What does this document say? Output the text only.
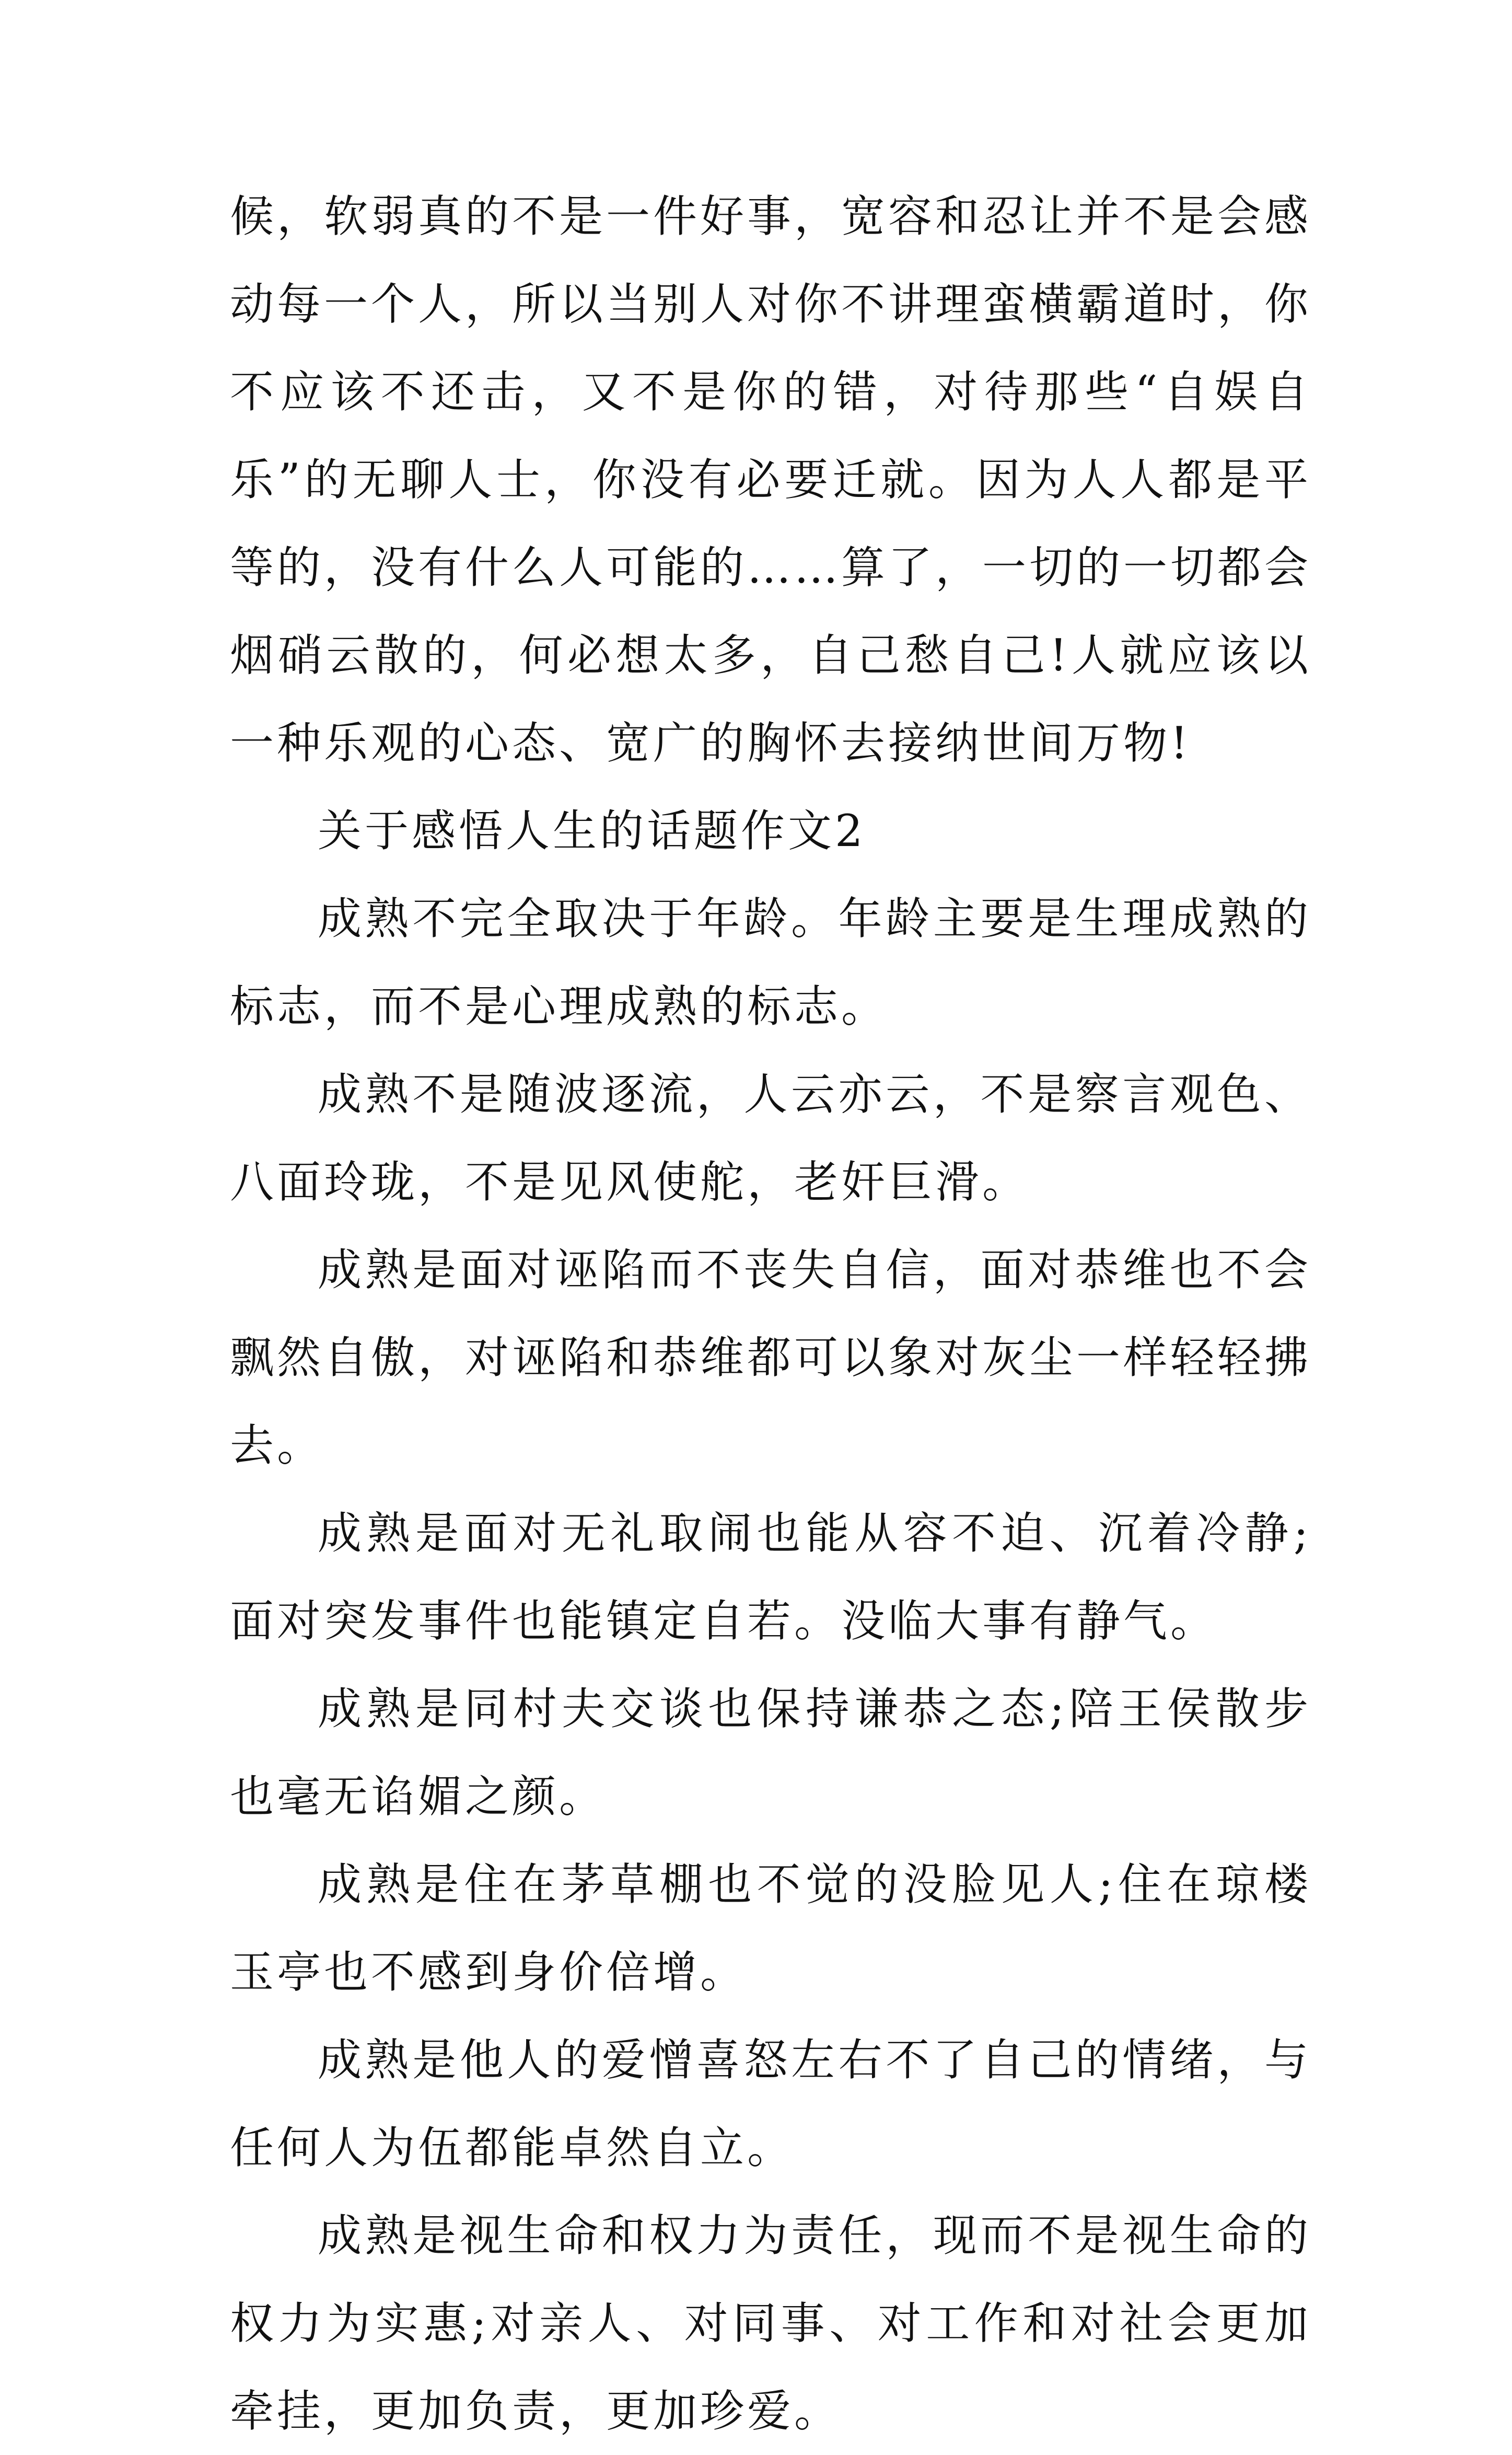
候，软弱真的不是一件好事，宽容和忍让并不是会感动每一个人，所以当别人对你不讲理蛮横霸道时，你不应该不还击，又不是你的错，对待那些“自娱自乐”的无聊人士，你没有必要迁就。因为人人都是平等的，没有什么人可能的……算了，一切的一切都会烟硝云散的，何必想太多，自己愁自己!人就应该以一种乐观的心态、宽广的胸怀去接纳世间万物!

关于感悟人生的话题作文2

成熟不完全取决于年龄。年龄主要是生理成熟的标志，而不是心理成熟的标志。

成熟不是随波逐流，人云亦云，不是察言观色、八面玲珑，不是见风使舵，老奸巨滑。

成熟是面对诬陷而不丧失自信，面对恭维也不会飘然自傲，对诬陷和恭维都可以象对灰尘一样轻轻拂去。

成熟是面对无礼取闹也能从容不迫、沉着冷静;面对突发事件也能镇定自若。没临大事有静气。

成熟是同村夫交谈也保持谦恭之态;陪王侯散步也毫无谄媚之颜。

成熟是住在茅草棚也不觉的没脸见人;住在琼楼玉亭也不感到身价倍增。

成熟是他人的爱憎喜怒左右不了自己的情绪，与任何人为伍都能卓然自立。

成熟是视生命和权力为责任，现而不是视生命的权力为实惠;对亲人、对同事、对工作和对社会更加牵挂，更加负责，更加珍爱。
